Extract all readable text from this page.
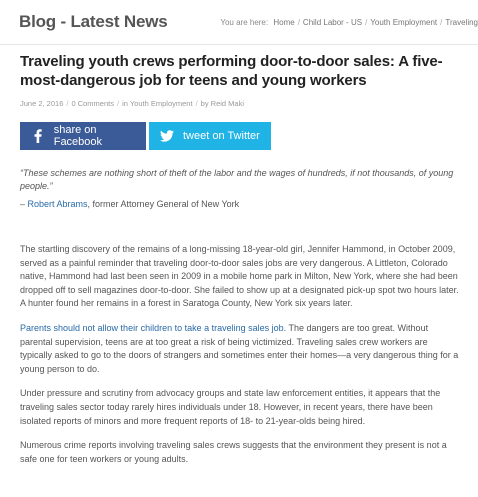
Blog - Latest News	You are here: Home / Child Labor - US / Youth Employment / Traveling
Traveling youth crews performing door-to-door sales: A five-most-dangerous job for teens and young workers
June 2, 2016 / 0 Comments / in Youth Employment / by Reid Maki
share on Facebook	tweet on Twitter
“These schemes are nothing short of theft of the labor and the wages of hundreds, if not thousands, of young people.”
– Robert Abrams, former Attorney General of New York
The startling discovery of the remains of a long-missing 18-year-old girl, Jennifer Hammond, in October 2009, served as a painful reminder that traveling door-to-door sales jobs are very dangerous. A Littleton, Colorado native, Hammond had last been seen in 2009 in a mobile home park in Milton, New York, where she had been dropped off to sell magazines door-to-door. She failed to show up at a designated pick-up spot two hours later. A hunter found her remains in a forest in Saratoga County, New York six years later.
Parents should not allow their children to take a traveling sales job. The dangers are too great. Without parental supervision, teens are at too great a risk of being victimized. Traveling sales crew workers are typically asked to go to the doors of strangers and sometimes enter their homes—a very dangerous thing for a young person to do.
Under pressure and scrutiny from advocacy groups and state law enforcement entities, it appears that the traveling sales sector today rarely hires individuals under 18. However, in recent years, there have been isolated reports of minors and more frequent reports of 18- to 21-year-olds being hired.
Numerous crime reports involving traveling sales crews suggests that the environment they present is not a safe one for teen workers or young adults.
